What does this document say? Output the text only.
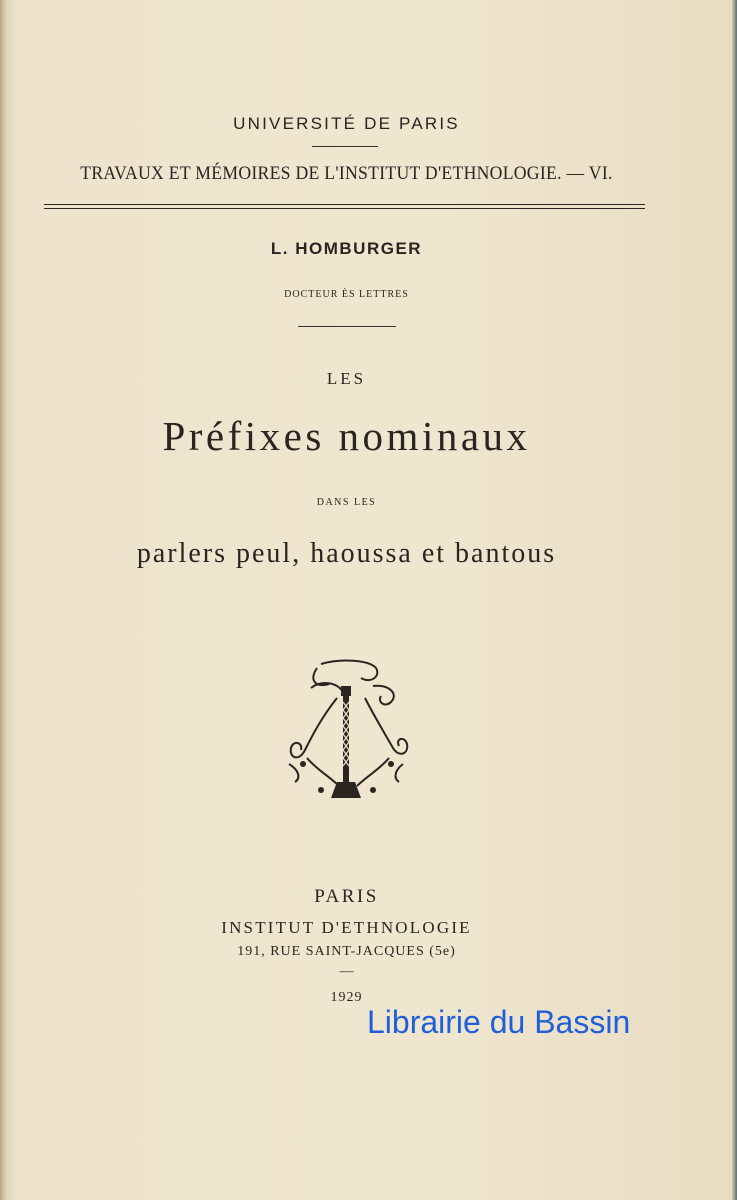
UNIVERSITÉ DE PARIS
TRAVAUX ET MÉMOIRES DE L'INSTITUT D'ETHNOLOGIE. — VI.
L. HOMBURGER
DOCTEUR ÈS LETTRES
LES
Préfixes nominaux
DANS LES
parlers peul, haoussa et bantous
PARIS
INSTITUT D'ETHNOLOGIE
191, RUE SAINT-JACQUES (5e)
—
1929
Librairie du Bassin
